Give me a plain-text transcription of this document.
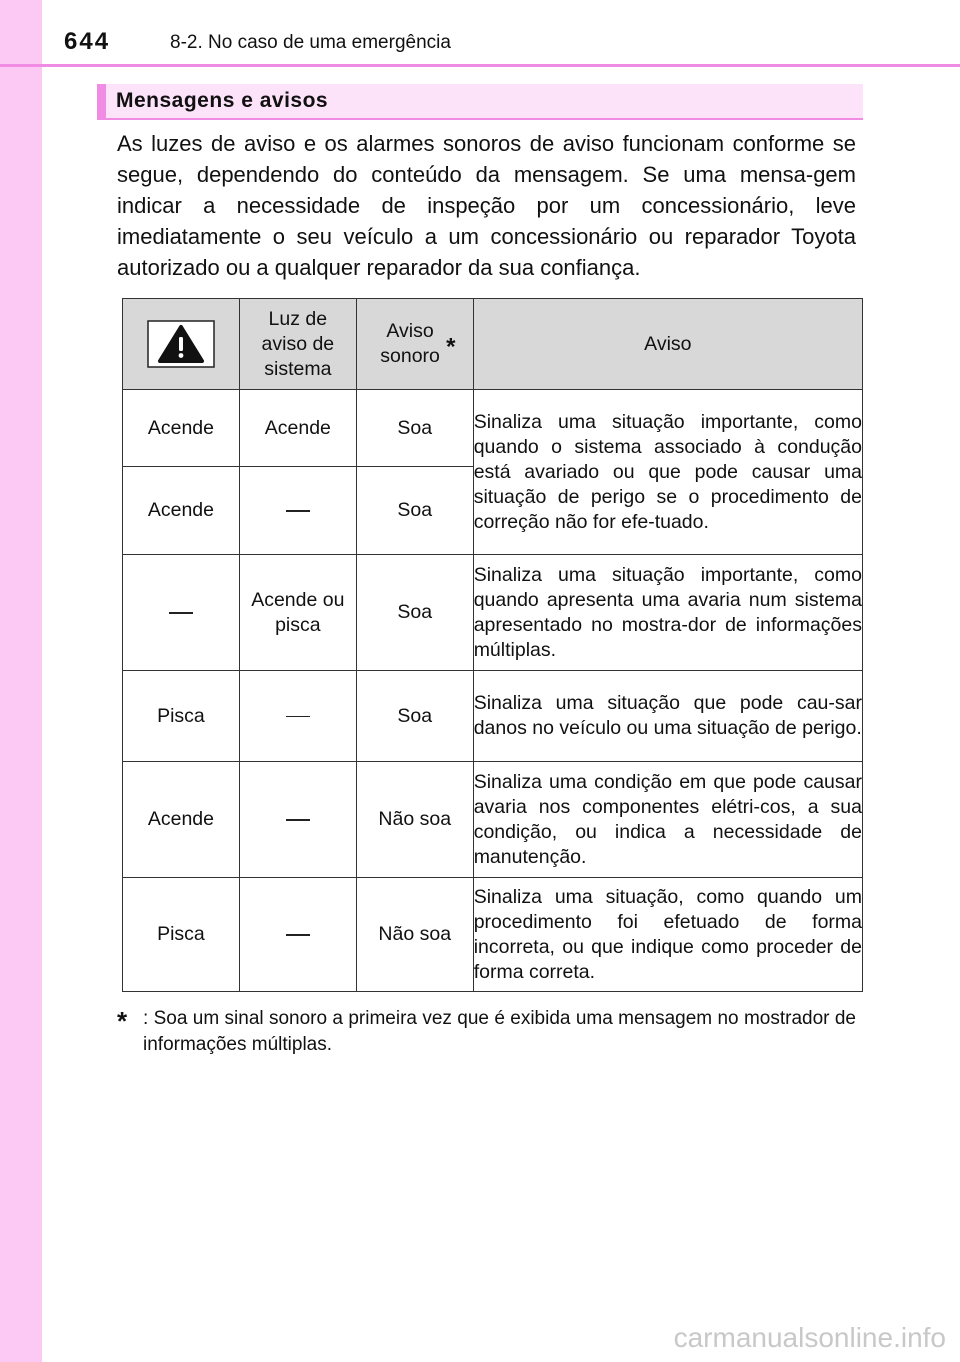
644	8-2. No caso de uma emergência
Mensagens e avisos

As luzes de aviso e os alarmes sonoros de aviso funcionam conforme se segue, dependendo do conteúdo da mensagem. Se uma mensa-gem indicar a necessidade de inspeção por um concessionário, leve imediatamente o seu veículo a um concessionário ou reparador Toyota autorizado ou a qualquer reparador da sua confiança.

	Luz de aviso de sistema	Aviso sonoro *	Aviso
Acende	Acende	Soa	Sinaliza uma situação importante, como quando o sistema associado à condução está avariado ou que pode causar uma situação de perigo se o procedimento de correção não for efe-tuado.
Acende		Soa	
	Acende ou pisca	Soa	Sinaliza uma situação importante, como quando apresenta uma avaria num sistema apresentado no mostra-dor de informações múltiplas.
Pisca		Soa	Sinaliza uma situação que pode cau-sar danos no veículo ou uma situação de perigo.
Acende		Não soa	Sinaliza uma condição em que pode causar avaria nos componentes elétri-cos, a sua condição, ou indica a necessidade de manutenção.
Pisca		Não soa	Sinaliza uma situação, como quando um procedimento foi efetuado de forma incorreta, ou que indique como proceder de forma correta.
* : Soa um sinal sonoro a primeira vez que é exibida uma mensagem no mostrador de informações múltiplas.
carmanualsonline.info
